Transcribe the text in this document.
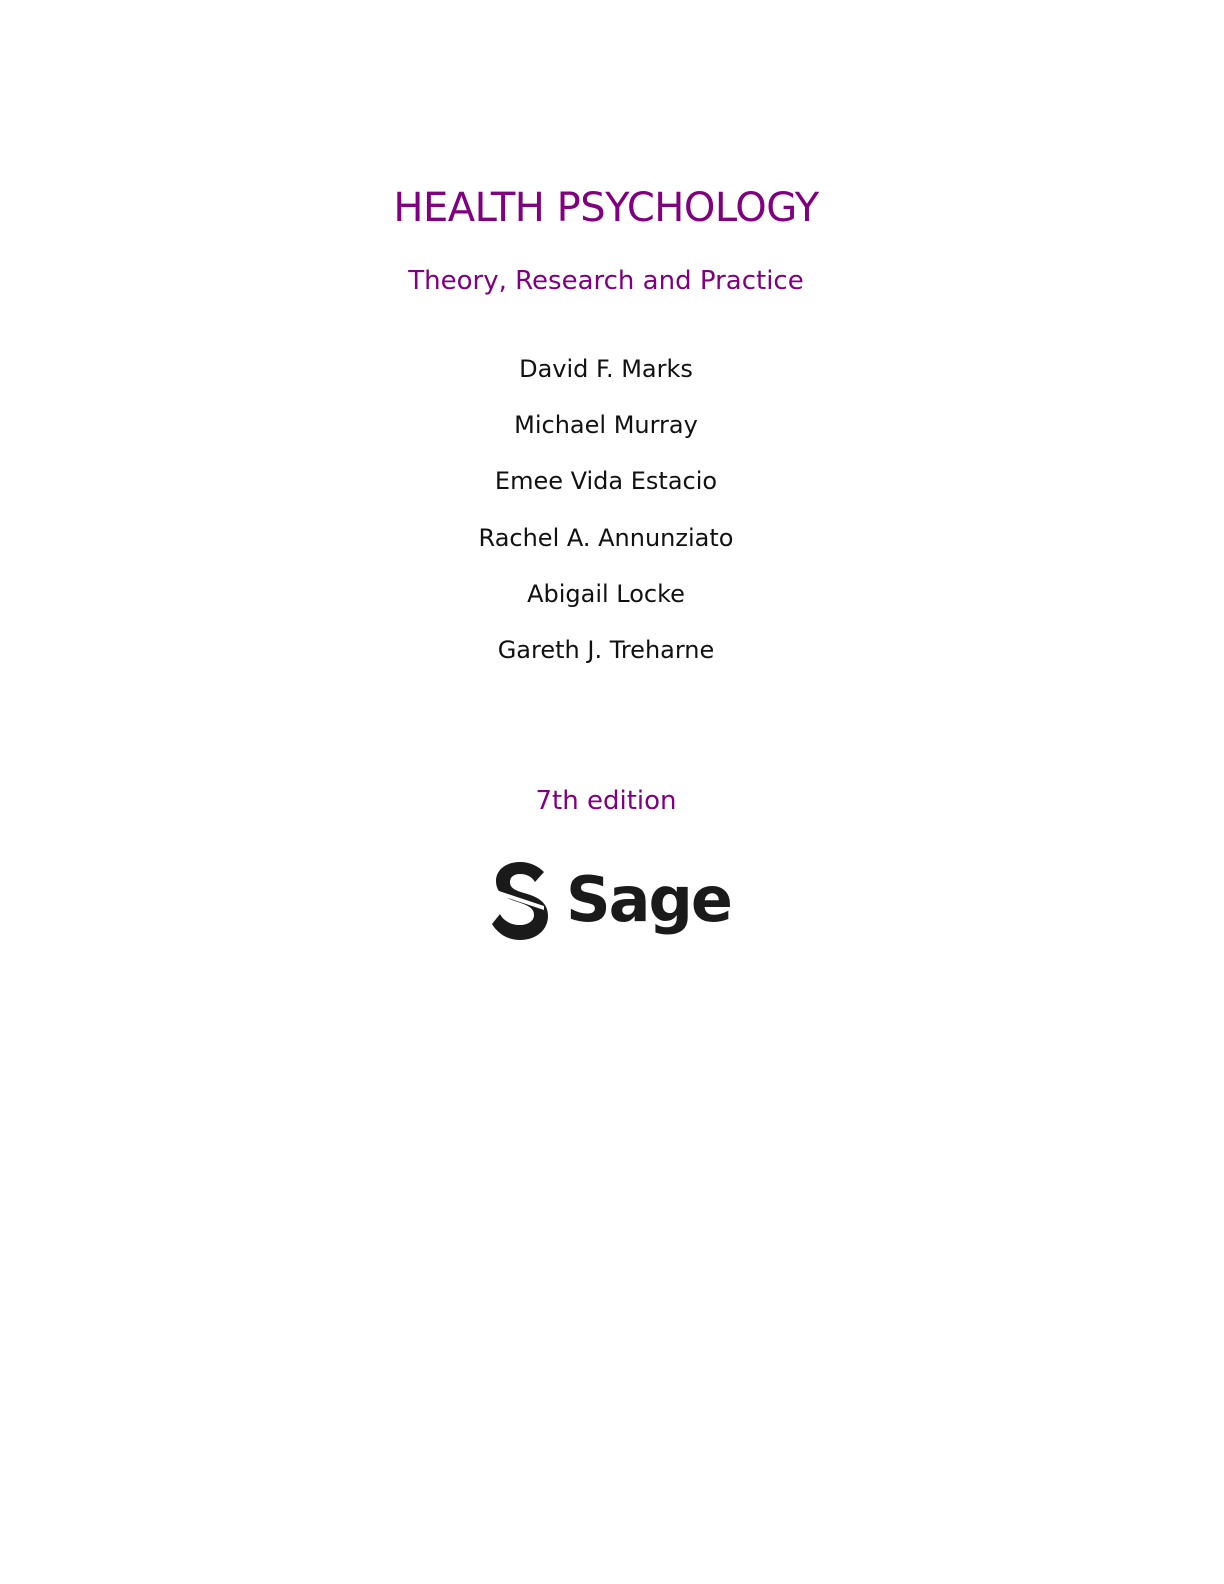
HEALTH PSYCHOLOGY
Theory, Research and Practice
David F. Marks
Michael Murray
Emee Vida Estacio
Rachel A. Annunziato
Abigail Locke
Gareth J. Treharne
7th edition
Sage
